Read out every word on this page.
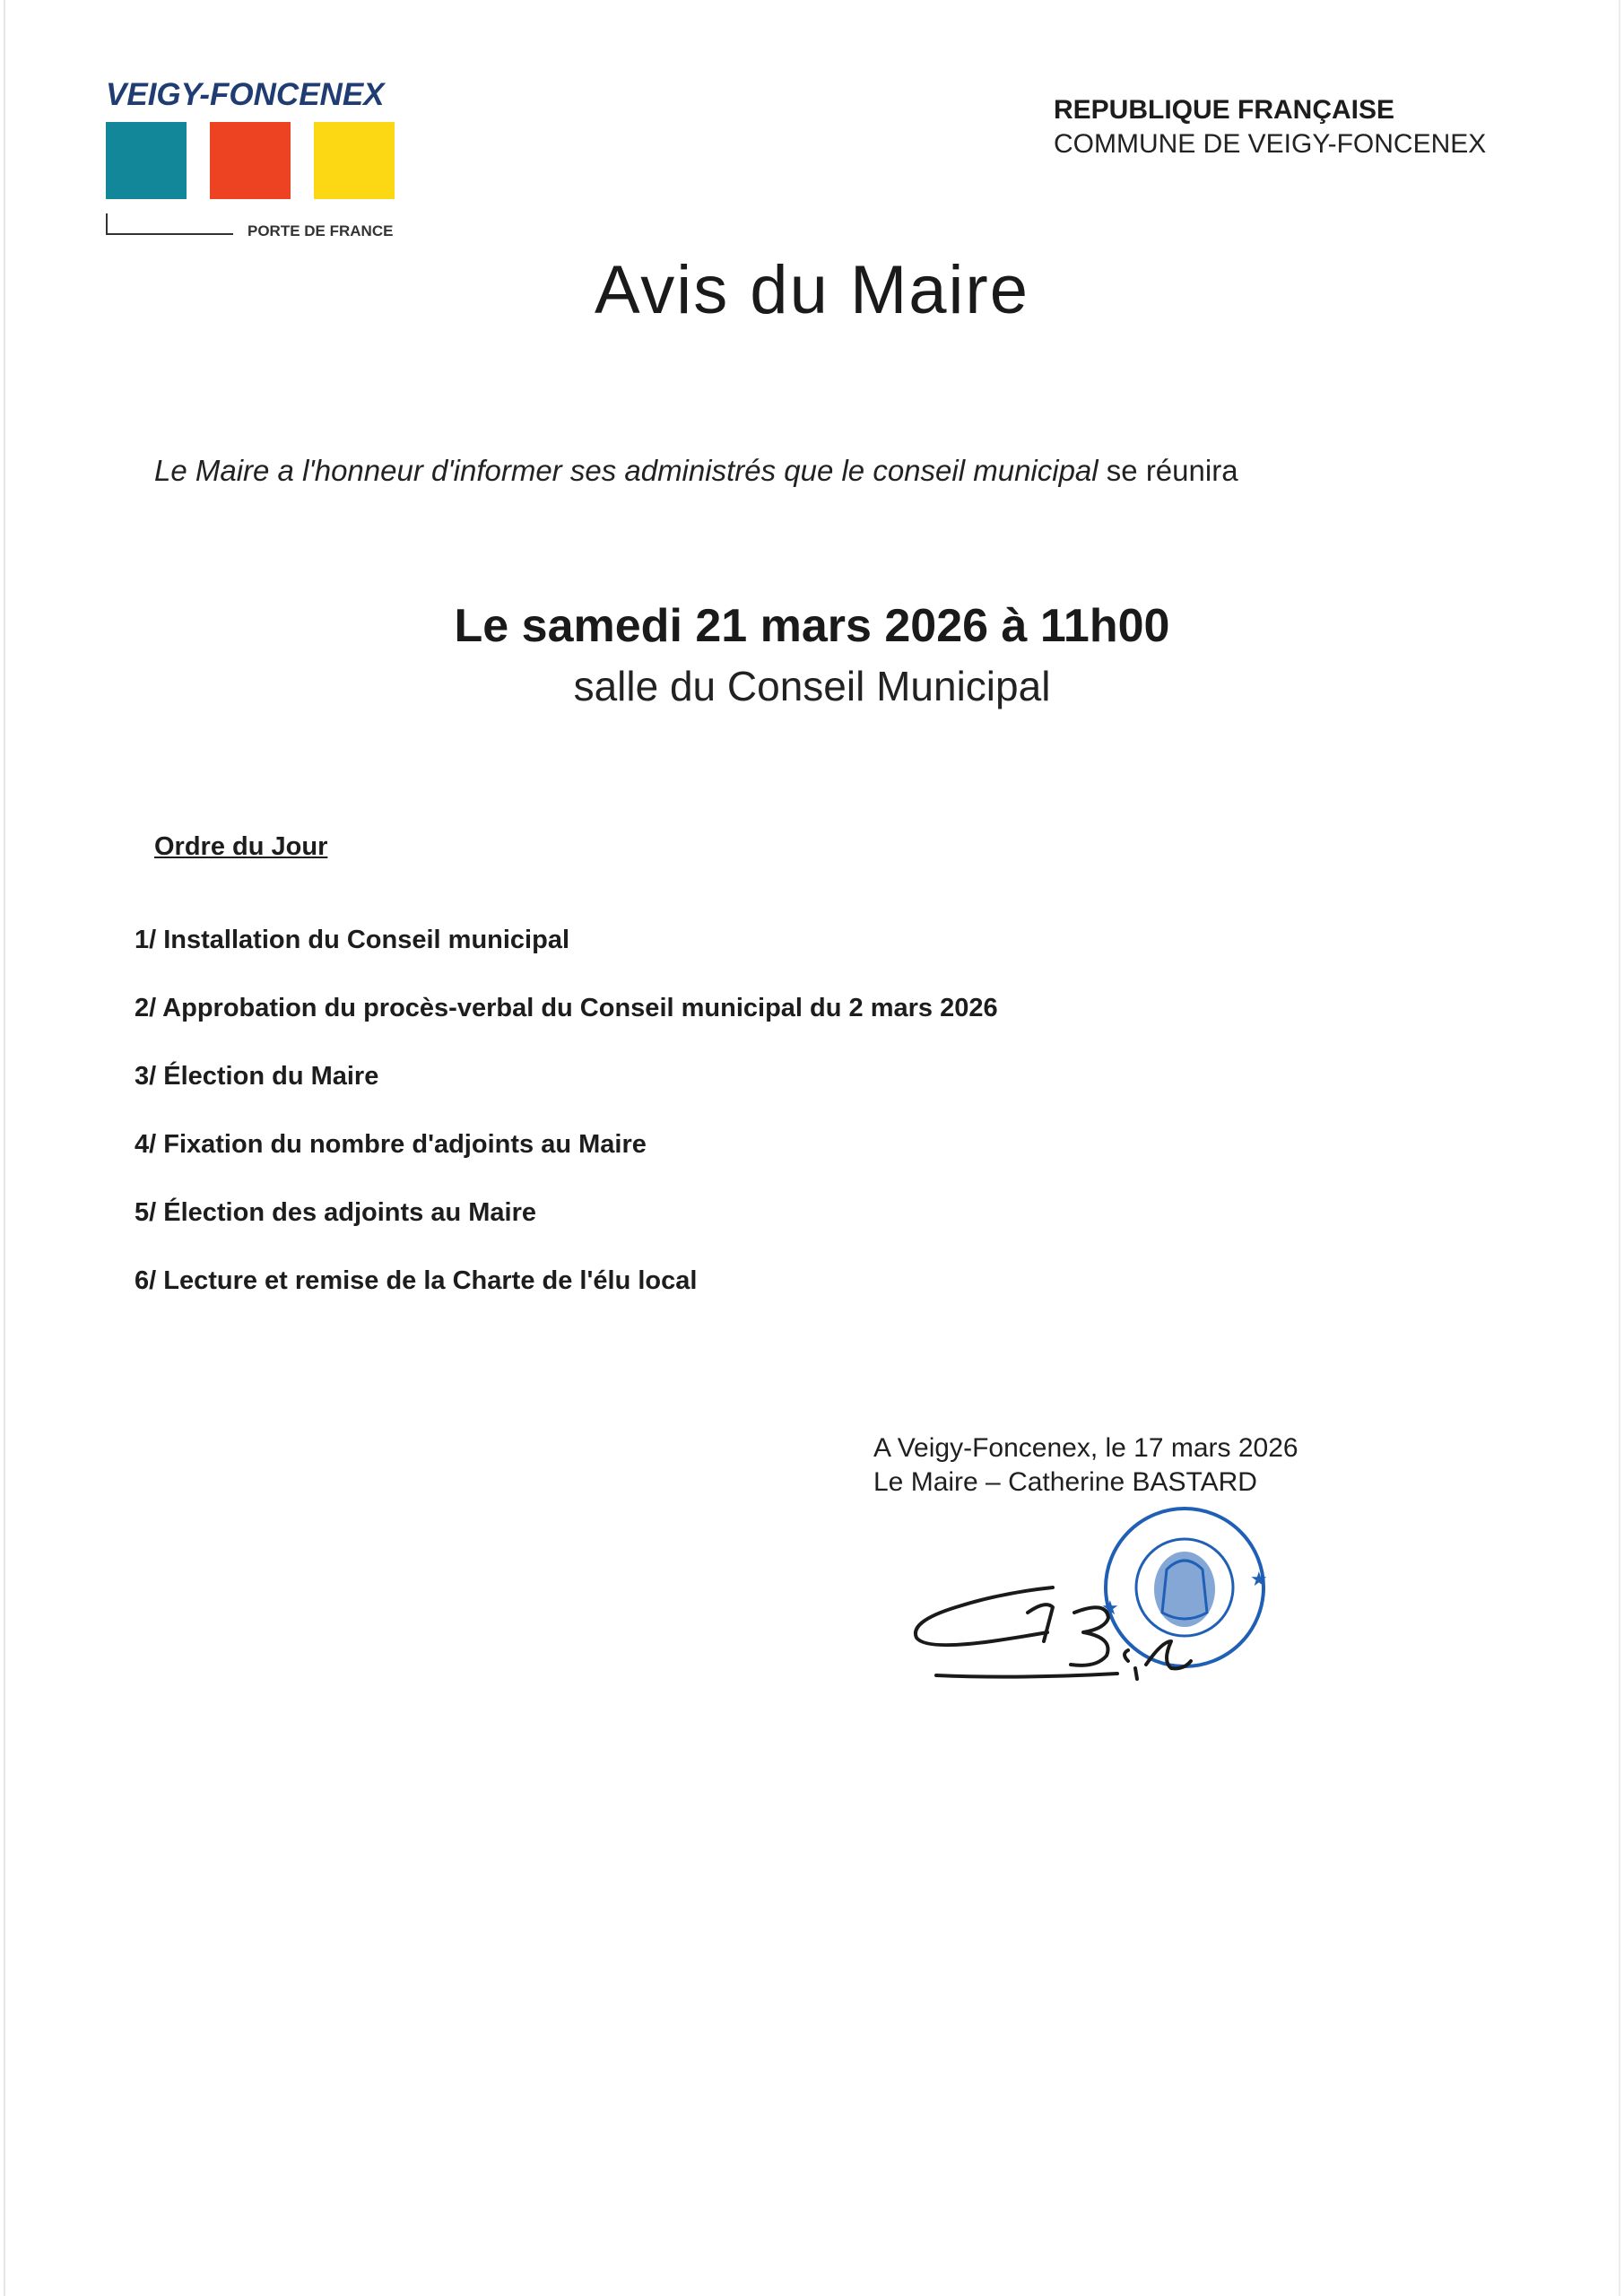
VEIGY-FONCENEX
PORTE DE FRANCE
REPUBLIQUE FRANÇAISE
COMMUNE DE VEIGY-FONCENEX
Avis du Maire
Le Maire a l'honneur d'informer ses administrés que le conseil municipal se réunira
Le samedi 21 mars 2026 à 11h00
salle du Conseil Municipal
Ordre du Jour
1/ Installation du Conseil municipal
2/ Approbation du procès-verbal du Conseil municipal du 2 mars 2026
3/ Élection du Maire
4/ Fixation du nombre d'adjoints au Maire
5/ Élection des adjoints au Maire
6/ Lecture et remise de la Charte de l'élu local
A Veigy-Foncenex, le 17 mars 2026
Le Maire – Catherine BASTARD
★
★
